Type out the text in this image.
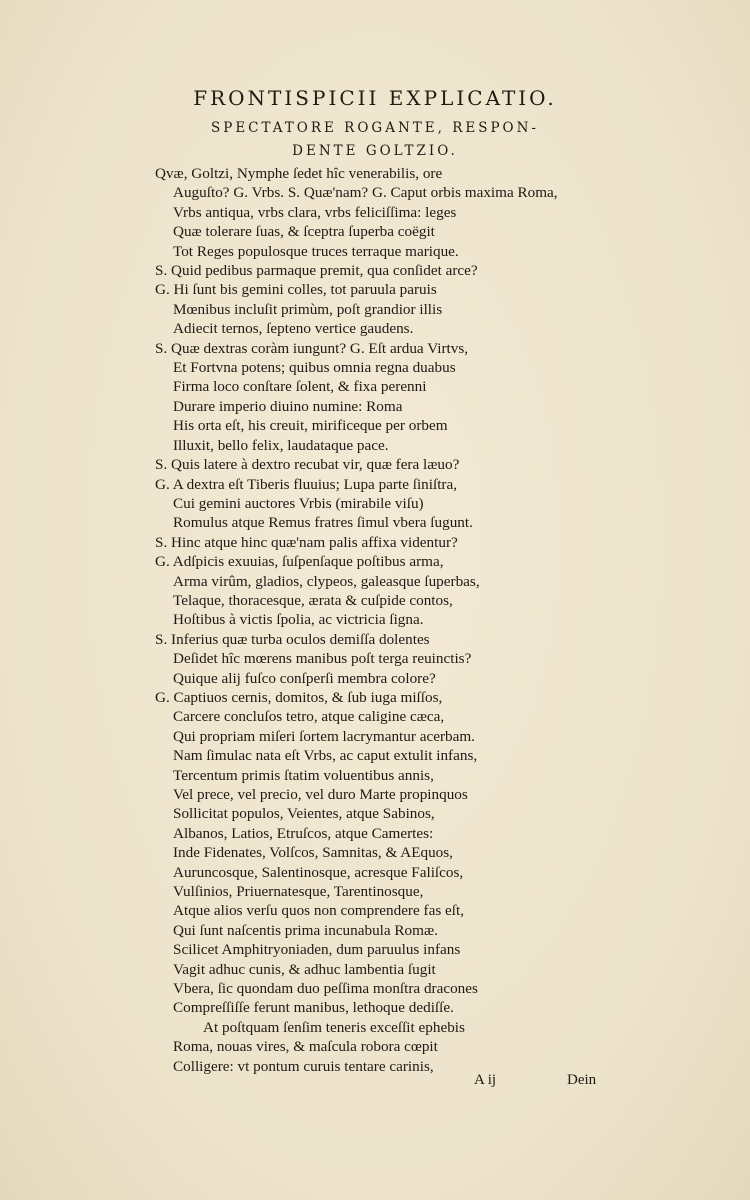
FRONTISPICII EXPLICATIO.
SPECTATORE ROGANTE, RESPON-
DENTE GOLTZIO.
Qvæ, Goltzi, Nymphe ſedet hîc venerabilis, ore
Auguſto? G. Vrbs. S. Quæ'nam? G. Caput orbis maxima Roma,
Vrbs antiqua, vrbs clara, vrbs feliciſſima: leges
Quæ tolerare ſuas, & ſceptra ſuperba coëgit
Tot Reges populosque truces terraque marique.
S. Quid pedibus parmaque premit, qua conſidet arce?
G. Hi ſunt bis gemini colles, tot paruula paruis
Mœnibus incluſit primùm, poſt grandior illis
Adiecit ternos, ſepteno vertice gaudens.
S. Quæ dextras coràm iungunt? G. Eſt ardua Virtvs,
Et Fortvna potens; quibus omnia regna duabus
Firma loco conſtare ſolent, & fixa perenni
Durare imperio diuino numine: Roma
His orta eſt, his creuit, mirificeque per orbem
Illuxit, bello felix, laudataque pace.
S. Quis latere à dextro recubat vir, quæ fera læuo?
G. A dextra eſt Tiberis fluuius; Lupa parte ſiniſtra,
Cui gemini auctores Vrbis (mirabile viſu)
Romulus atque Remus fratres ſimul vbera ſugunt.
S. Hinc atque hinc quæ'nam palis affixa videntur?
G. Adſpicis exuuias, ſuſpenſaque poſtibus arma,
Arma virûm, gladios, clypeos, galeasque ſuperbas,
Telaque, thoracesque, ærata & cuſpide contos,
Hoſtibus à victis ſpolia, ac victricia ſigna.
S. Inferius quæ turba oculos demiſſa dolentes
Deſidet hîc mœrens manibus poſt terga reuinctis?
Quique alij fuſco conſperſi membra colore?
G. Captiuos cernis, domitos, & ſub iuga miſſos,
Carcere concluſos tetro, atque caligine cæca,
Qui propriam miſeri ſortem lacrymantur acerbam.
Nam ſimulac nata eſt Vrbs, ac caput extulit infans,
Tercentum primis ſtatim voluentibus annis,
Vel prece, vel precio, vel duro Marte propinquos
Sollicitat populos, Veientes, atque Sabinos,
Albanos, Latios, Etruſcos, atque Camertes:
Inde Fidenates, Volſcos, Samnitas, & AEquos,
Auruncosque, Salentinosque, acresque Faliſcos,
Vulſinios, Priuernatesque, Tarentinosque,
Atque alios verſu quos non comprendere fas eſt,
Qui ſunt naſcentis prima incunabula Romæ.
Scilicet Amphitryoniaden, dum paruulus infans
Vagit adhuc cunis, & adhuc lambentia ſugit
Vbera, ſic quondam duo peſſima monſtra dracones
Compreſſiſſe ferunt manibus, lethoque dediſſe.
At poſtquam ſenſim teneris exceſſit ephebis
Roma, nouas vires, & maſcula robora cœpit
Colligere: vt pontum curuis tentare carinis,
A ij	Dein
